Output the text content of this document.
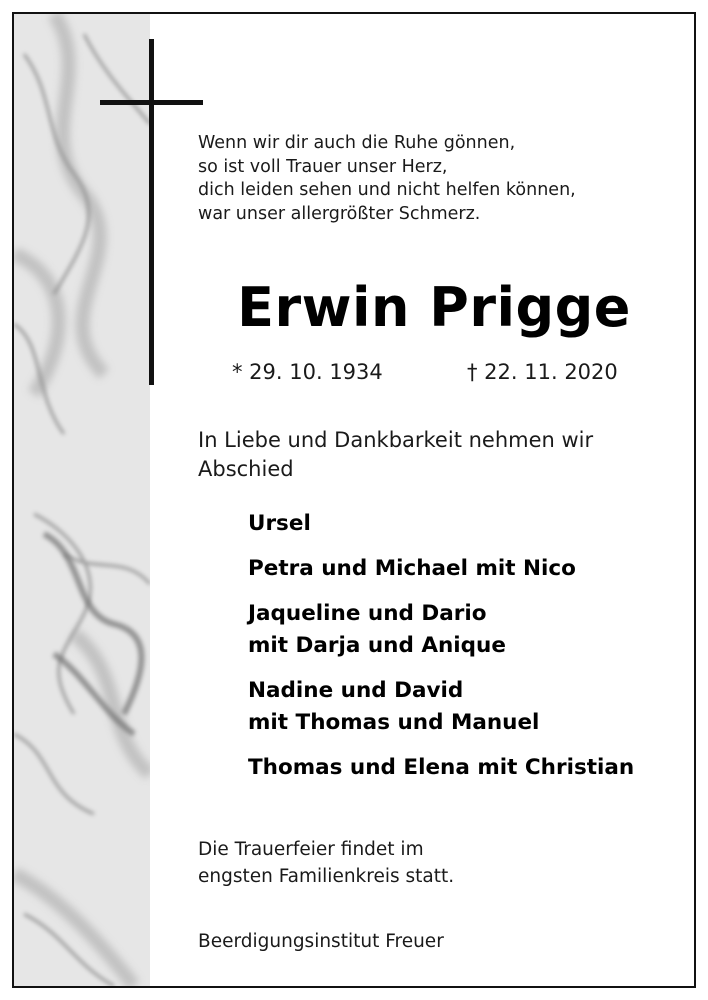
Wenn wir dir auch die Ruhe gönnen,
so ist voll Trauer unser Herz,
dich leiden sehen und nicht helfen können,
war unser allergrößter Schmerz.
Erwin Prigge
* 29. 10. 1934	† 22. 11. 2020
In Liebe und Dankbarkeit nehmen wir
Abschied
Ursel
Petra und Michael mit Nico
Jaqueline und Dario
mit Darja und Anique
Nadine und David
mit Thomas und Manuel
Thomas und Elena mit Christian
Die Trauerfeier findet im
engsten Familienkreis statt.
Beerdigungsinstitut Freuer
